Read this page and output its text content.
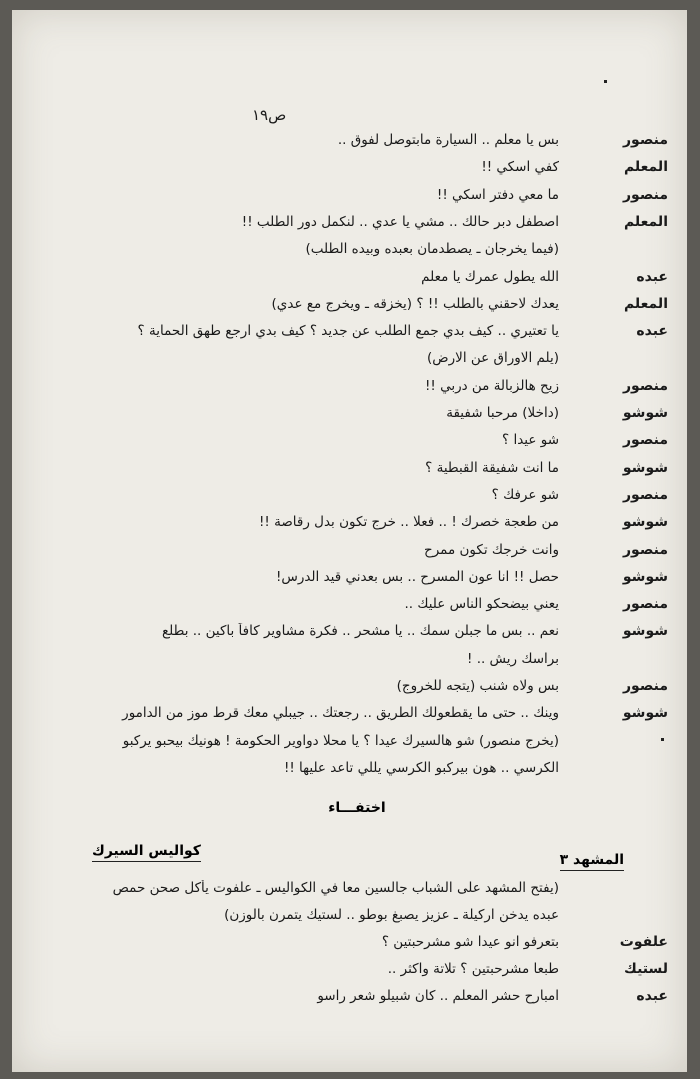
ص١٩
منصور
بس يا معلم .. السيارة مابتوصل لفوق ..
المعلم
كفي اسكي !!
منصور
ما معي دفتر اسكي !!
المعلم
اصطفل دبر حالك .. مشي يا عدي .. لنكمل دور الطلب !!
(فيما يخرجان ـ يصطدمان بعبده وبيده الطلب)
عبده
الله يطول عمرك يا معلم
المعلم
يعدك لاحقني بالطلب !! ؟ (يخزقه ـ ويخرج مع عدي)
عبده
يا تعتيري .. كيف بدي جمع الطلب عن جديد ؟ كيف بدي ارجع طهق الحماية ؟
(يلم الاوراق عن الارض)
منصور
زيح هالزبالة من دربي !!
شوشو
(داخلا) مرحبا شفيقة
منصور
شو عيدا ؟
شوشو
ما انت شفيقة القبطية ؟
منصور
شو عرفك ؟
شوشو
من طعجة خصرك ! .. فعلا .. خرج تكون بدل رقاصة !!
منصور
وانت خرجك تكون ممرح
شوشو
حصل !! انا عون المسرح .. بس بعدني قيد الدرس!
منصور
يعني بيضحكو الناس عليك ..
شوشو
نعم .. بس ما جبلن سمك .. يا مشحر .. فكرة مشاوير كافاً باكين .. بطلع
براسك ريش .. !
منصور
بس ولاه شنب (يتجه للخروج)
شوشو
وينك .. حتى ما يقطعولك الطريق .. رجعتك .. جيبلي معك قرط موز من الدامور
(يخرج منصور) شو هالسيرك عيدا ؟ يا محلا دواوير الحكومة ! هونيك بيحبو يركبو
الكرسي .. هون بيركبو الكرسي يللي تاعد عليها !!
اختفـــاء
المشهد ٣
كواليس السيرك
(يفتح المشهد على الشباب جالسين معا في الكواليس ـ علفوت يأكل صحن حمص
عبده يدخن اركيلة ـ عزيز يصبغ بوطو .. لستيك يتمرن بالوزن)
علفوت
بتعرفو انو عيدا شو مشرحبتين ؟
لستيك
طبعا مشرحبتين ؟ تلاتة واكثر ..
عبده
امبارح حشر المعلم .. كان شبيلو شعر راسو
